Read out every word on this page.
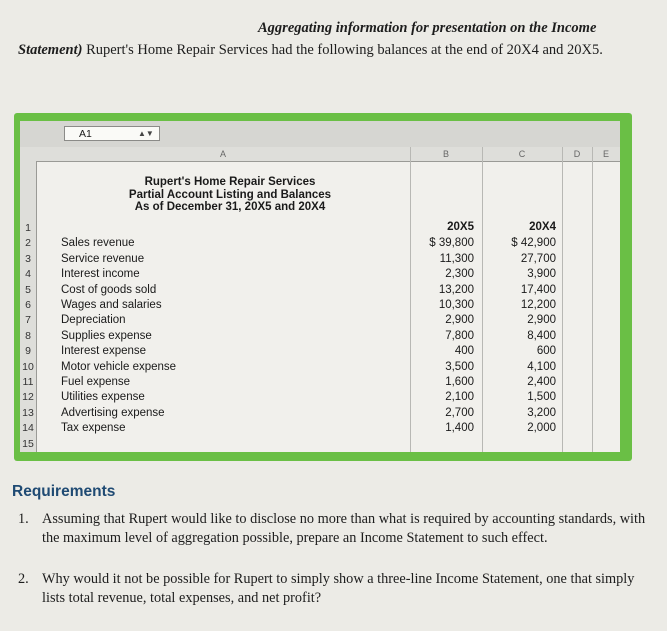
Aggregating information for presentation on the Income
Statement) Rupert's Home Repair Services had the following balances at the end of 20X4 and 20X5.
A1	▲▼
A	B	C	D	E
1
2
3
4
5
6
7
8
9
10
11
12
13
14
15
Rupert's Home Repair Services
Partial Account Listing and Balances
As of December 31, 20X5 and 20X4
20X5	20X4
Sales revenue	$ 39,800	$ 42,900
Service revenue	11,300	27,700
Interest income	2,300	3,900
Cost of goods sold	13,200	17,400
Wages and salaries	10,300	12,200
Depreciation	2,900	2,900
Supplies expense	7,800	8,400
Interest expense	400	600
Motor vehicle expense	3,500	4,100
Fuel expense	1,600	2,400
Utilities expense	2,100	1,500
Advertising expense	2,700	3,200
Tax expense	1,400	2,000
Requirements
1. Assuming that Rupert would like to disclose no more than what is required by accounting standards, with the maximum level of aggregation possible, prepare an Income Statement to such effect.
2. Why would it not be possible for Rupert to simply show a three-line Income Statement, one that simply lists total revenue, total expenses, and net profit?
